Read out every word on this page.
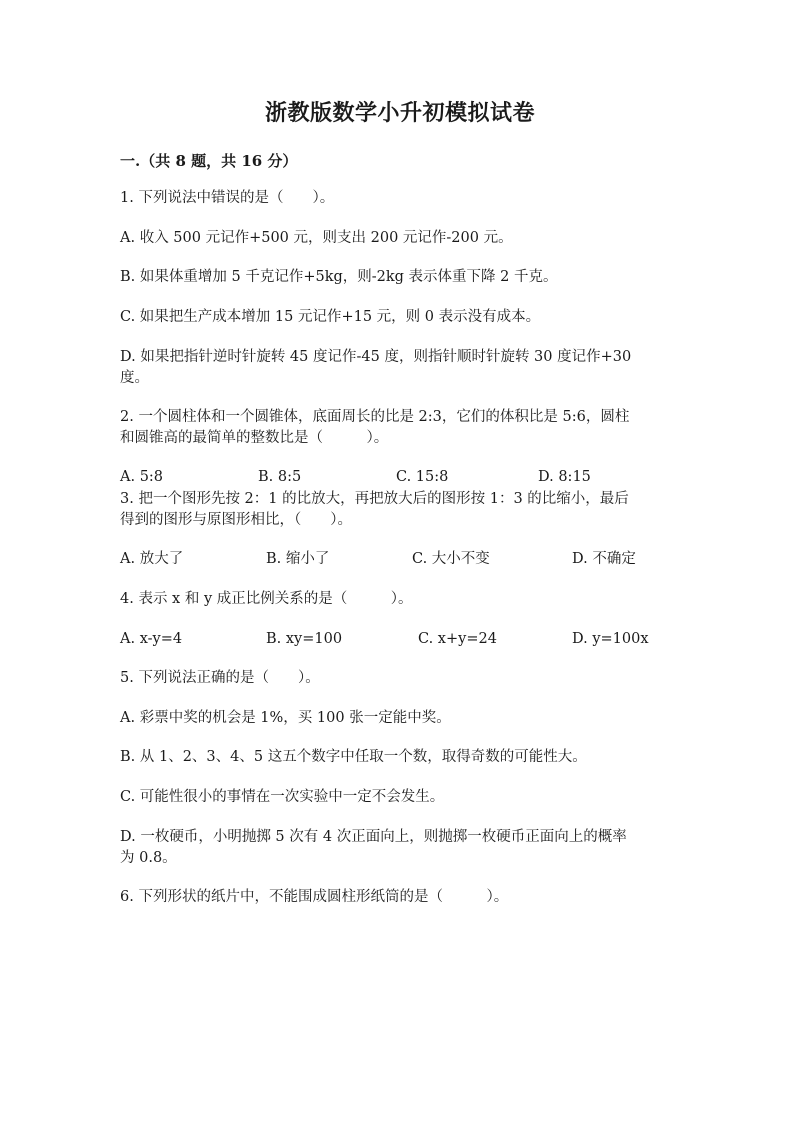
浙教版数学小升初模拟试卷
一.（共 8 题，共 16 分）
1. 下列说法中错误的是（　　）。
A. 收入 500 元记作+500 元，则支出 200 元记作-200 元。
B. 如果体重增加 5 千克记作+5kg，则-2kg 表示体重下降 2 千克。
C. 如果把生产成本增加 15 元记作+15 元，则 0 表示没有成本。
D. 如果把指针逆时针旋转 45 度记作-45 度，则指针顺时针旋转 30 度记作+30
度。
2. 一个圆柱体和一个圆锥体，底面周长的比是 2:3，它们的体积比是 5:6，圆柱
和圆锥高的最简单的整数比是（　　　）。
A. 5:8	B. 8:5	C. 15:8	D. 8:15
3. 把一个图形先按 2：1 的比放大，再把放大后的图形按 1：3 的比缩小，最后
得到的图形与原图形相比，（　　）。
A. 放大了	B. 缩小了	C. 大小不变	D. 不确定
4. 表示 x 和 y 成正比例关系的是（　　　）。
A. x-y=4	B. xy=100	C. x+y=24	D. y=100x
5. 下列说法正确的是（　　）。
A. 彩票中奖的机会是 1%，买 100 张一定能中奖。
B. 从 1、2、3、4、5 这五个数字中任取一个数，取得奇数的可能性大。
C. 可能性很小的事情在一次实验中一定不会发生。
D. 一枚硬币，小明抛掷 5 次有 4 次正面向上，则抛掷一枚硬币正面向上的概率
为 0.8。
6. 下列形状的纸片中，不能围成圆柱形纸筒的是（　　　）。
